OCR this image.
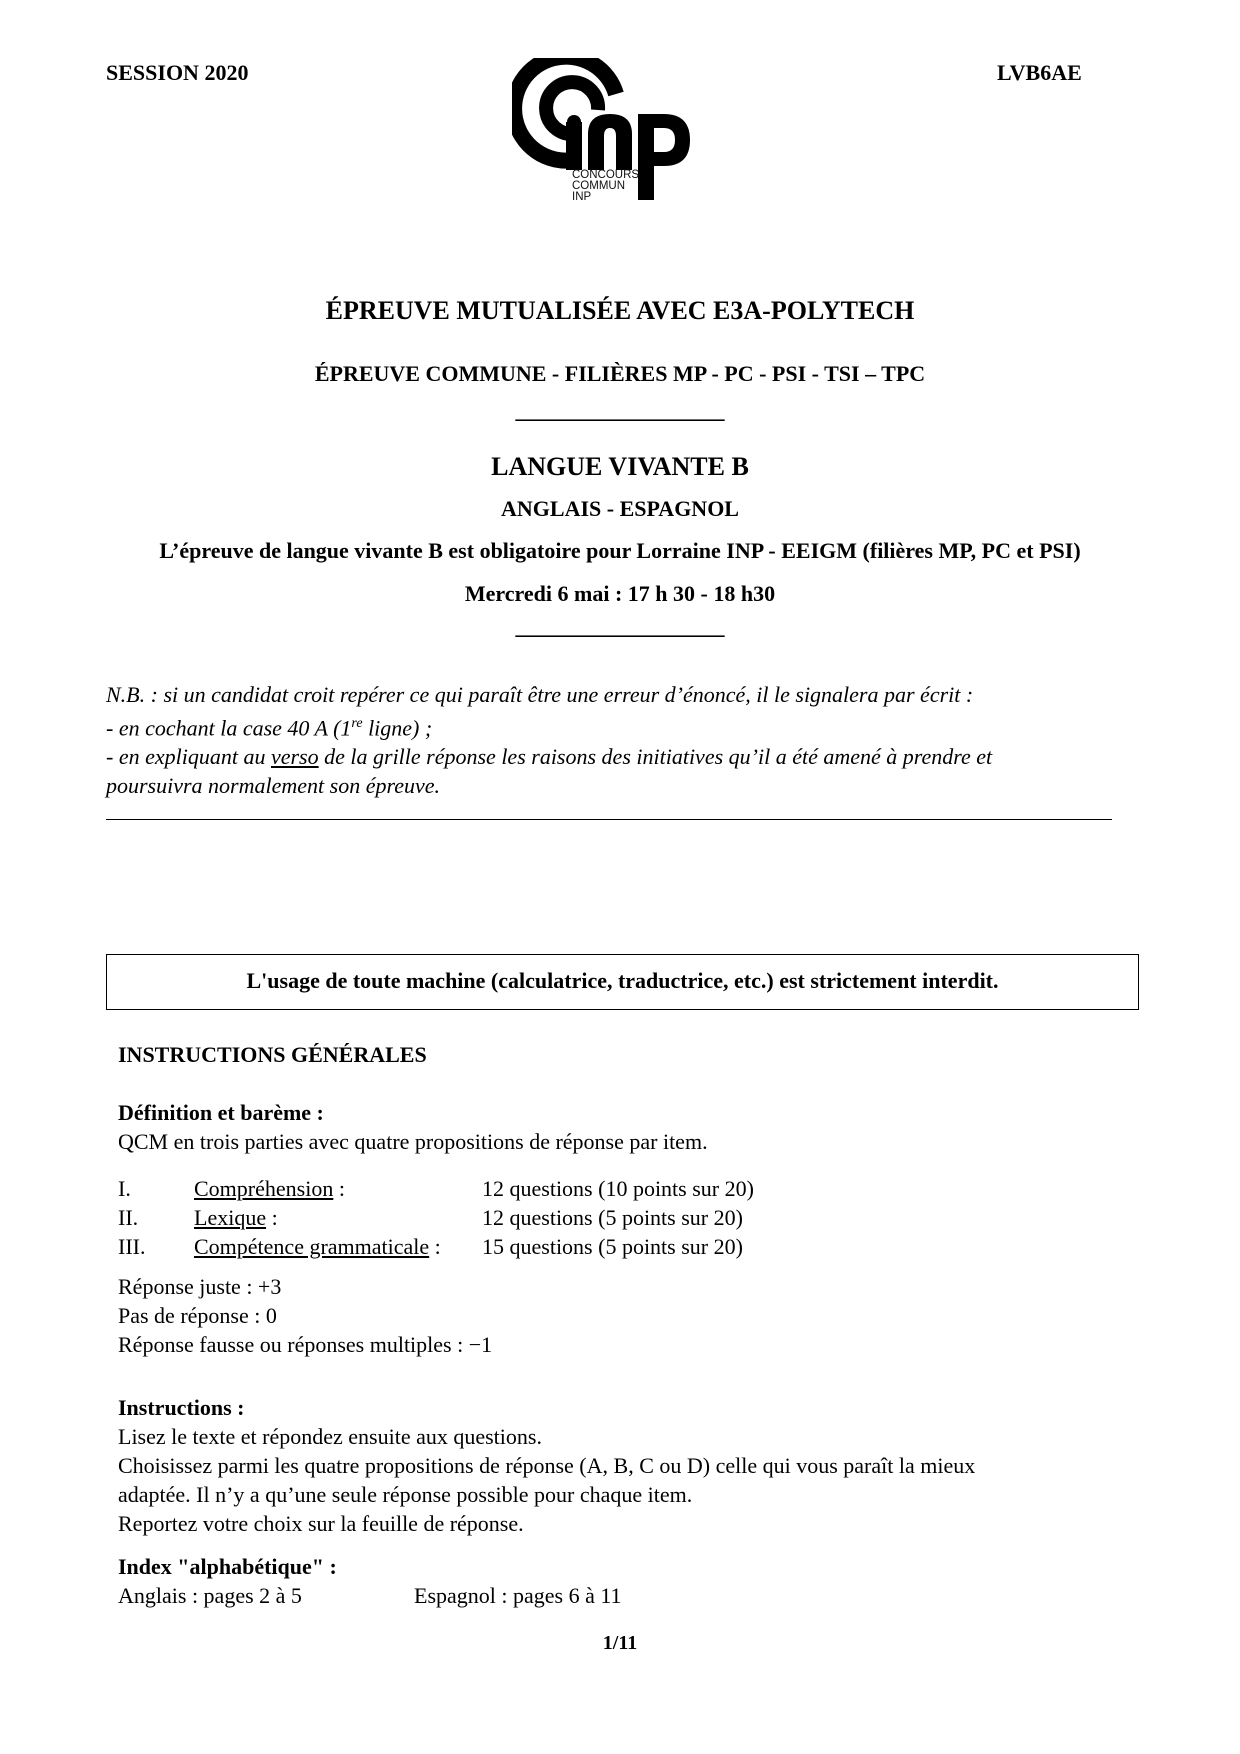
SESSION 2020	LVB6AE
CONCOURS
COMMUN
INP
ÉPREUVE MUTUALISÉE AVEC E3A-POLYTECH
ÉPREUVE COMMUNE - FILIÈRES MP - PC - PSI - TSI – TPC
___________________
LANGUE VIVANTE B
ANGLAIS - ESPAGNOL
L’épreuve de langue vivante B est obligatoire pour Lorraine INP - EEIGM (filières MP, PC et PSI)
Mercredi 6 mai : 17 h 30 - 18 h30
___________________

N.B. : si un candidat croit repérer ce qui paraît être une erreur d’énoncé, il le signalera par écrit :

- en cochant la case 40 A (1re ligne) ;

- en expliquant au verso de la grille réponse les raisons des initiatives qu’il a été amené à prendre et

poursuivra normalement son épreuve.

L'usage de toute machine (calculatrice, traductrice, etc.) est strictement interdit.
INSTRUCTIONS GÉNÉRALES

Définition et barème :

QCM en trois parties avec quatre propositions de réponse par item.

I.	Compréhension :	12 questions (10 points sur 20)
II.	Lexique :	12 questions (5 points sur 20)
III. Compétence grammaticale : 15 questions (5 points sur 20)

Réponse juste : +3

Pas de réponse : 0

Réponse fausse ou réponses multiples : −1

Instructions :

Lisez le texte et répondez ensuite aux questions.

Choisissez parmi les quatre propositions de réponse (A, B, C ou D) celle qui vous paraît la mieux

adaptée. Il n’y a qu’une seule réponse possible pour chaque item.

Reportez votre choix sur la feuille de réponse.

Index "alphabétique" :

Anglais : pages 2 à 5	Espagnol : pages 6 à 11
1/11
